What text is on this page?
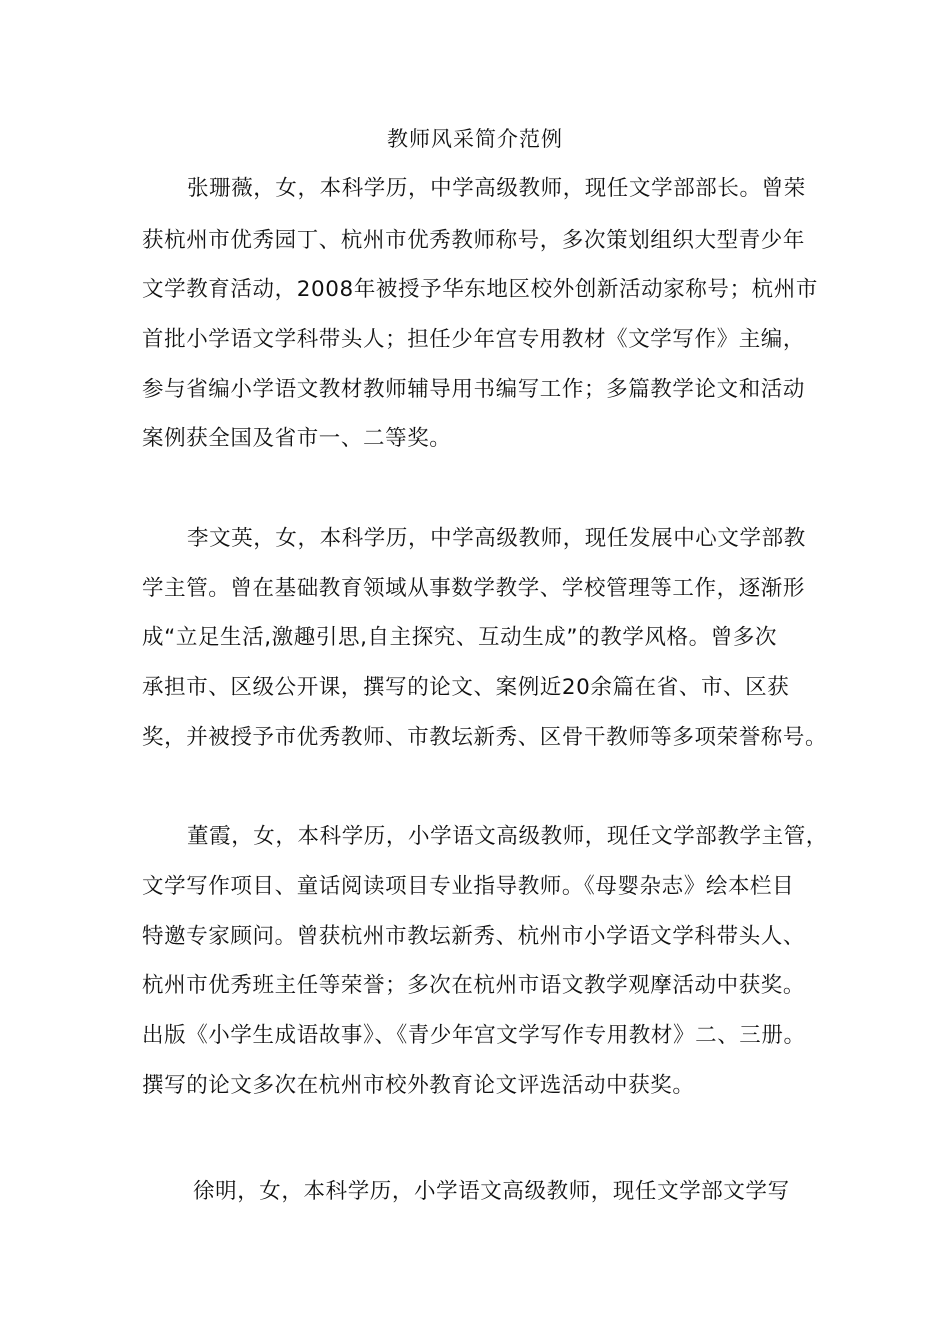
教师风采简介范例
张珊薇，女，本科学历，中学高级教师，现任文学部部长。曾荣
获杭州市优秀园丁、杭州市优秀教师称号，多次策划组织大型青少年
文学教育活动，2008年被授予华东地区校外创新活动家称号；杭州市
首批小学语文学科带头人；担任少年宫专用教材《文学写作》主编，
参与省编小学语文教材教师辅导用书编写工作；多篇教学论文和活动
案例获全国及省市一、二等奖。
李文英，女，本科学历，中学高级教师，现任发展中心文学部教
学主管。曾在基础教育领域从事数学教学、学校管理等工作，逐渐形
成“立足生活,激趣引思,自主探究、互动生成”的教学风格。曾多次
承担市、区级公开课，撰写的论文、案例近20余篇在省、市、区获
奖，并被授予市优秀教师、市教坛新秀、区骨干教师等多项荣誉称号。
董霞，女，本科学历，小学语文高级教师，现任文学部教学主管，
文学写作项目、童话阅读项目专业指导教师。《母婴杂志》绘本栏目
特邀专家顾问。曾获杭州市教坛新秀、杭州市小学语文学科带头人、
杭州市优秀班主任等荣誉；多次在杭州市语文教学观摩活动中获奖。
出版《小学生成语故事》、《青少年宫文学写作专用教材》二、三册。
撰写的论文多次在杭州市校外教育论文评选活动中获奖。
徐明，女，本科学历，小学语文高级教师，现任文学部文学写
